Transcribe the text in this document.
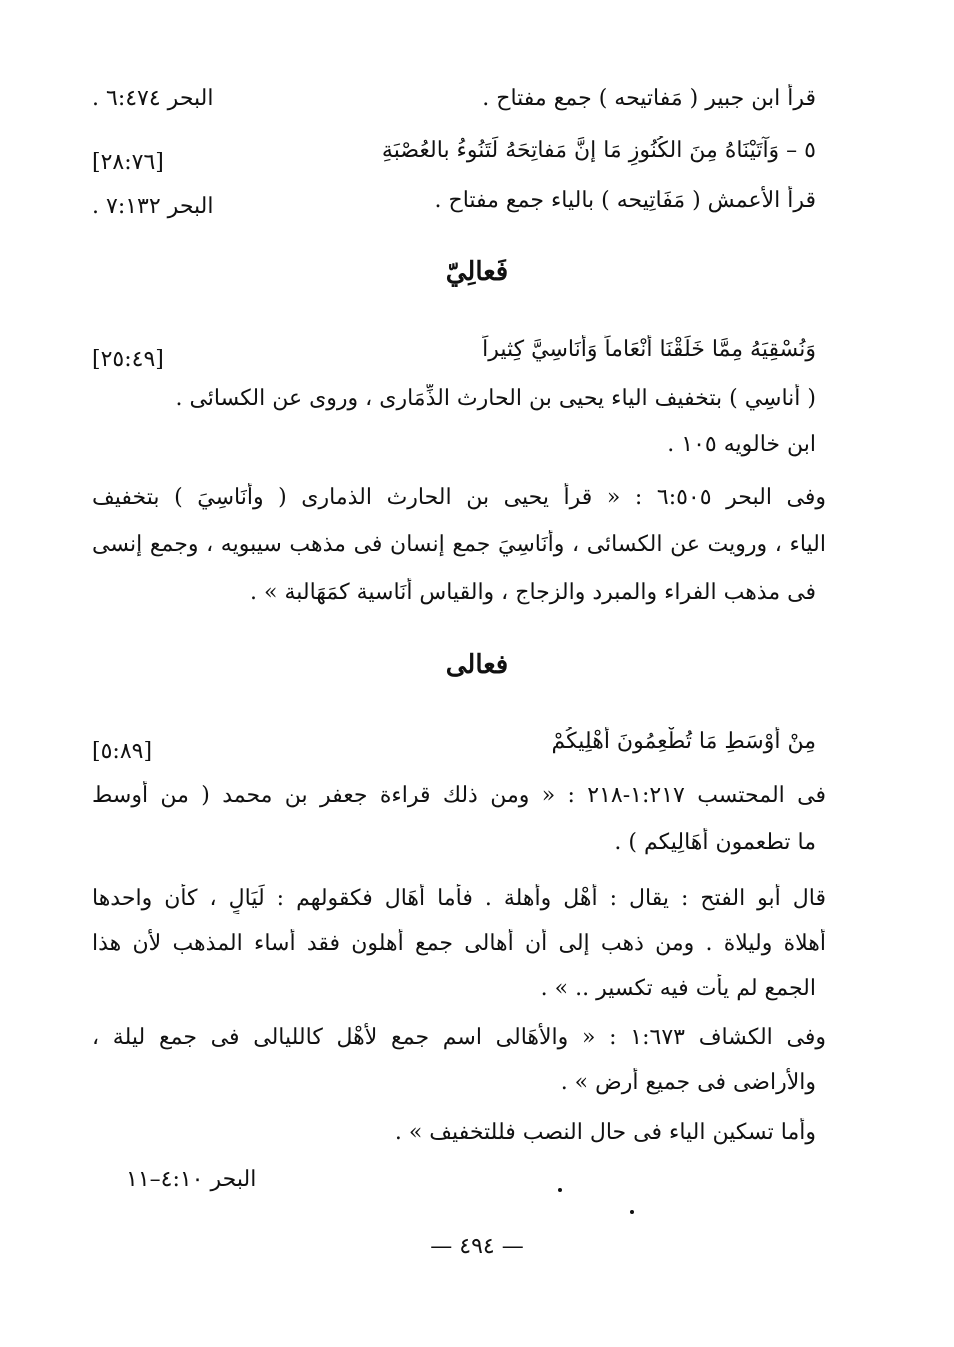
قرأ ابن جبير ( مَفاتيحه ) جمع مفتاح .
البحر ٦:٤٧٤ .
٥ – وَآتَيْنَاهُ مِنَ الكُنُوزِ مَا إنَّ مَفاتِحَهُ لَتَنُوءُ بالعُصْبَةِ
[٢٨:٧٦]
قرأ الأعمش ( مَفَاتِيحه ) بالياء جمع مفتاح .
البحر ٧:١٣٢ .
فَعالِيّ
وَنُسْقِيَهُ مِمَّا خَلَقْنَا أَنْعَاماً وَأَنَاسِيَّ كِثيراً
[٢٥:٤٩]
( أناسِي ) بتخفيف الياء يحيى بن الحارث الذِّمَارى ، وروى عن الكسائى .
ابن خالويه ١٠٥ .
وفى البحر ٦:٥٠٥ : « قرأ يحيى بن الحارث الذمارى ( وأَنَاسِيَ ) بتخفيف
الياء ، ورويت عن الكسائى ، وأَنَاسِيَ جمع إنسان فى مذهب سيبويه ، وجمع إنسى
فى مذهب الفراء والمبرد والزجاج ، والقياس أَنَاسية كمَهَالبة » .
فعالى
مِنْ أَوْسَطِ مَا تُطْعِمُونَ أَهْلِيكُمْ
[٥:٨٩]
فى المحتسب ١:٢١٧-٢١٨ : « ومن ذلك قراءة جعفر بن محمد ( من أوسط
ما تطعمون أَهَالِيكم ) .
قال أبو الفتح : يقال : أَهْل وأهلة . فأما أَهَال فكقولهم : لَيَالٍ ، كأن واحدها
أهلاة وليلاة . ومن ذهب إلى أن أهالى جمع أهلون فقد أساء المذهب لأن هذا
الجمع لم يأت فيه تكسير .. » .
وفى الكشاف ١:٦٧٣ : « والأَهَالى اسم جمع لأَهْل كالليالى فى جمع ليلة ،
والأراضى فى جميع أرض » .
وأما تسكين الياء فى حال النصب فللتخفيف » .
البحر ٤:١٠–١١
— ٤٩٤ —
